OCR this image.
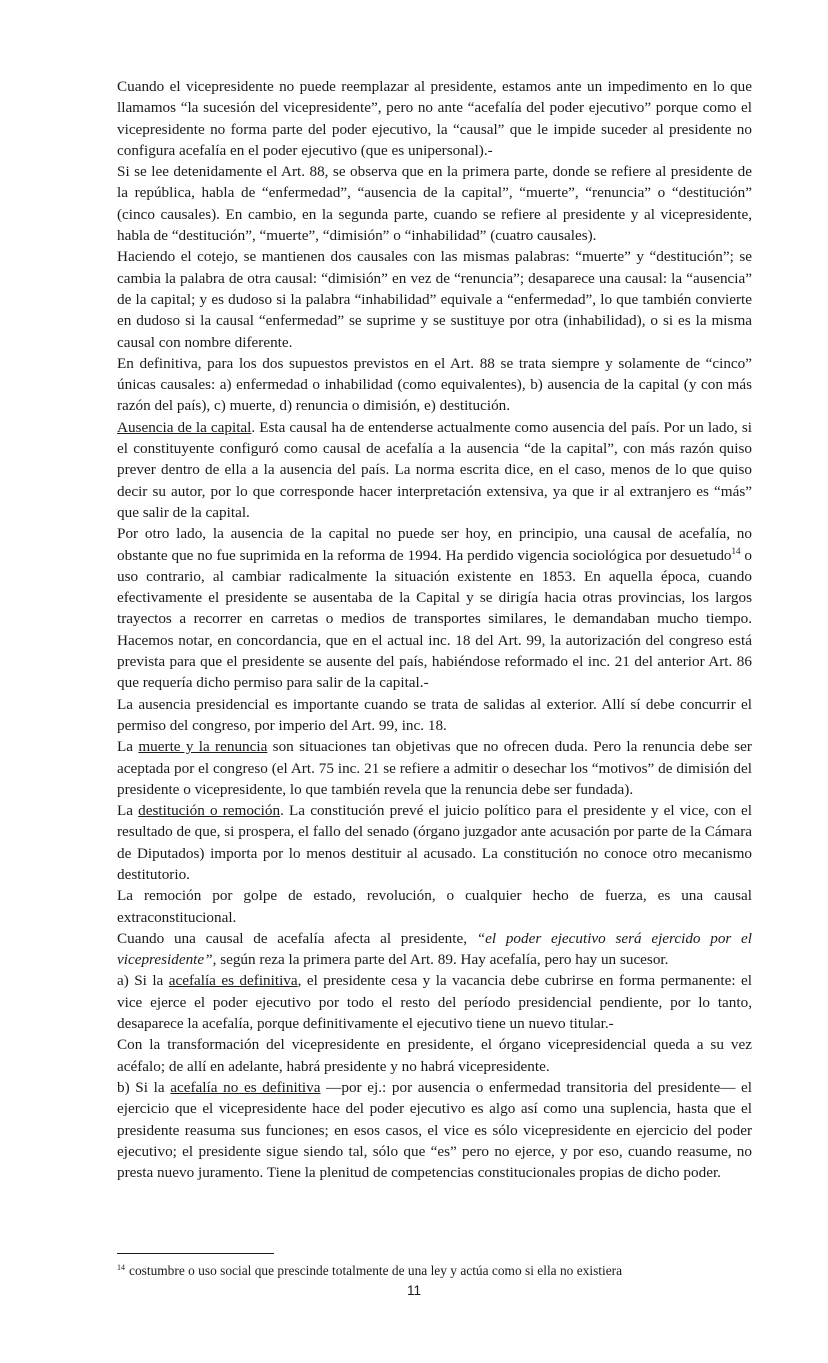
Cuando el vicepresidente no puede reemplazar al presidente, estamos ante un impedimento en lo que llamamos “la sucesión del vicepresidente”, pero no ante “acefalía del poder ejecutivo” porque como el vicepresidente no forma parte del poder ejecutivo, la “causal” que le impide suceder al presidente no configura acefalía en el poder ejecutivo (que es unipersonal).-

Si se lee detenidamente el Art. 88, se observa que en la primera parte, donde se refiere al presidente de la república, habla de “enfermedad”, “ausencia de la capital”, “muerte”, “renuncia” o “destitución” (cinco causales). En cambio, en la segunda parte, cuando se refiere al presidente y al vicepresidente, habla de “destitución”, “muerte”, “dimisión” o “inhabilidad” (cuatro causales).

Haciendo el cotejo, se mantienen dos causales con las mismas palabras: “muerte” y “destitución”; se cambia la palabra de otra causal: “dimisión” en vez de “renuncia”; desaparece una causal: la “ausencia” de la capital; y es dudoso si la palabra “inhabilidad” equivale a “enfermedad”, lo que también convierte en dudoso si la causal “enfermedad” se suprime y se sustituye por otra (inhabilidad), o si es la misma causal con nombre diferente.

En definitiva, para los dos supuestos previstos en el Art. 88 se trata siempre y solamente de “cinco” únicas causales: a) enfermedad o inhabilidad (como equivalentes), b) ausencia de la capital (y con más razón del país), c) muerte, d) renuncia o dimisión, e) destitución.

Ausencia de la capital. Esta causal ha de entenderse actualmente como ausencia del país. Por un lado, si el constituyente configuró como causal de acefalía a la ausencia “de la capital”, con más razón quiso prever dentro de ella a la ausencia del país. La norma escrita dice, en el caso, menos de lo que quiso decir su autor, por lo que corresponde hacer interpretación extensiva, ya que ir al extranjero es “más” que salir de la capital.

Por otro lado, la ausencia de la capital no puede ser hoy, en principio, una causal de acefalía, no obstante que no fue suprimida en la reforma de 1994. Ha perdido vigencia sociológica por desuetudo$^{14}$ o uso contrario, al cambiar radicalmente la situación existente en 1853. En aquella época, cuando efectivamente el presidente se ausentaba de la Capital y se dirigía hacia otras provincias, los largos trayectos a recorrer en carretas o medios de transportes similares, le demandaban mucho tiempo. Hacemos notar, en concordancia, que en el actual inc. 18 del Art. 99, la autorización del congreso está prevista para que el presidente se ausente del país, habiéndose reformado el inc. 21 del anterior Art. 86 que requería dicho permiso para salir de la capital.-

La ausencia presidencial es importante cuando se trata de salidas al exterior. Allí sí debe concurrir el permiso del congreso, por imperio del Art. 99, inc. 18.

La muerte y la renuncia son situaciones tan objetivas que no ofrecen duda. Pero la renuncia debe ser aceptada por el congreso (el Art. 75 inc. 21 se refiere a admitir o desechar los “motivos” de dimisión del presidente o vicepresidente, lo que también revela que la renuncia debe ser fundada).

La destitución o remoción. La constitución prevé el juicio político para el presidente y el vice, con el resultado de que, si prospera, el fallo del senado (órgano juzgador ante acusación por parte de la Cámara de Diputados) importa por lo menos destituir al acusado. La constitución no conoce otro mecanismo destitutorio.

La remoción por golpe de estado, revolución, o cualquier hecho de fuerza, es una causal extraconstitucional.

Cuando una causal de acefalía afecta al presidente, “el poder ejecutivo será ejercido por el vicepresidente”, según reza la primera parte del Art. 89. Hay acefalía, pero hay un sucesor.

a) Si la acefalía es definitiva, el presidente cesa y la vacancia debe cubrirse en forma permanente: el vice ejerce el poder ejecutivo por todo el resto del período presidencial pendiente, por lo tanto, desaparece la acefalía, porque definitivamente el ejecutivo tiene un nuevo titular.-

Con la transformación del vicepresidente en presidente, el órgano vicepresidencial queda a su vez acéfalo; de allí en adelante, habrá presidente y no habrá vicepresidente.

b) Si la acefalía no es definitiva —por ej.: por ausencia o enfermedad transitoria del presidente— el ejercicio que el vicepresidente hace del poder ejecutivo es algo así como una suplencia, hasta que el presidente reasuma sus funciones; en esos casos, el vice es sólo vicepresidente en ejercicio del poder ejecutivo; el presidente sigue siendo tal, sólo que “es” pero no ejerce, y por eso, cuando reasume, no presta nuevo juramento. Tiene la plenitud de competencias constitucionales propias de dicho poder.

$^{14}$ costumbre o uso social que prescinde totalmente de una ley y actúa como si ella no existiera
11
